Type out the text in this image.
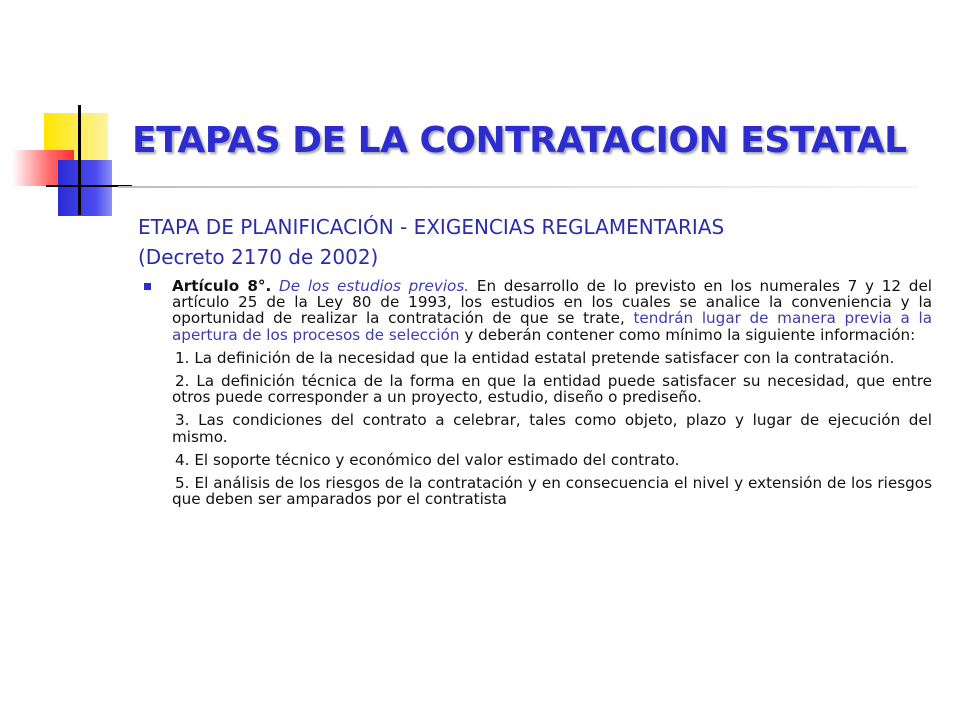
ETAPAS DE LA CONTRATACION ESTATAL
ETAPA DE PLANIFICACIÓN - EXIGENCIAS REGLAMENTARIAS
(Decreto 2170 de 2002)
Artículo 8°. De los estudios previos. En desarrollo de lo previsto en los numerales 7 y 12 del artículo 25 de la Ley 80 de 1993, los estudios en los cuales se analice la conveniencia y la oportunidad de realizar la contratación de que se trate, tendrán lugar de manera previa a la apertura de los procesos de selección y deberán contener como mínimo la siguiente información:
1. La definición de la necesidad que la entidad estatal pretende satisfacer con la contratación.
2. La definición técnica de la forma en que la entidad puede satisfacer su necesidad, que entre otros puede corresponder a un proyecto, estudio, diseño o prediseño.
3. Las condiciones del contrato a celebrar, tales como objeto, plazo y lugar de ejecución del mismo.
4. El soporte técnico y económico del valor estimado del contrato.
5. El análisis de los riesgos de la contratación y en consecuencia el nivel y extensión de los riesgos que deben ser amparados por el contratista
